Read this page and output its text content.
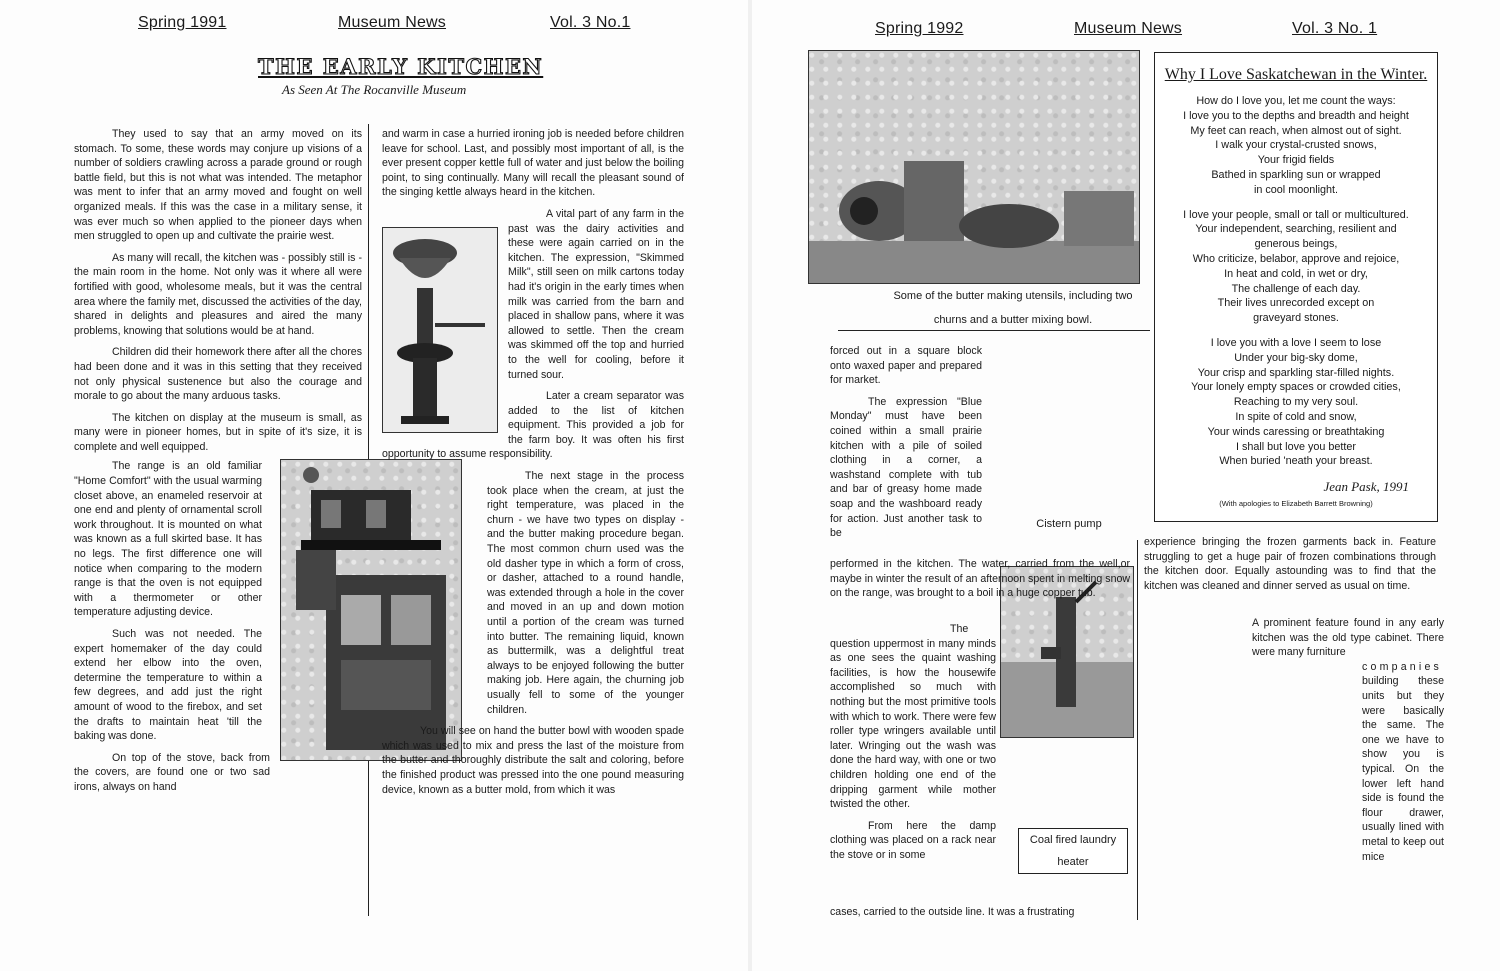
Spring 1991	Museum News	Vol. 3 No.1
THE EARLY KITCHEN
As Seen At The Rocanville Museum

They used to say that an army moved on its stomach. To some, these words may conjure up visions of a number of soldiers crawling across a parade ground or rough battle field, but this is not what was intended. The metaphor was ment to infer that an army moved and fought on well organized meals. If this was the case in a military sense, it was ever much so when applied to the pioneer days when men struggled to open up and cultivate the prairie west.

As many will recall, the kitchen was - possibly still is -the main room in the home. Not only was it where all were fortified with good, wholesome meals, but it was the central area where the family met, discussed the activities of the day, shared in delights and pleasures and aired the many problems, knowing that solutions would be at hand.

Children did their homework there after all the chores had been done and it was in this setting that they received not only physical sustenence but also the courage and morale to go about the many arduous tasks.

The kitchen on display at the museum is small, as many were in pioneer homes, but in spite of it's size, it is complete and well equipped.

The range is an old familiar "Home Comfort" with the usual warming closet above, an enameled reservoir at one end and plenty of ornamental scroll work throughout. It is mounted on what was known as a full skirted base. It has no legs. The first difference one will notice when comparing to the modern range is that the oven is not equipped with a thermometer or other temperature adjusting device.

Such was not needed. The expert homemaker of the day could extend her elbow into the oven, determine the temperature to within a few degrees, and add just the right amount of wood to the firebox, and set the drafts to maintain heat 'till the baking was done.

On top of the stove, back from the covers, are found one or two sad irons, always on hand

and warm in case a hurried ironing job is needed before children leave for school. Last, and possibly most important of all, is the ever present copper kettle full of water and just below the boiling point, to sing continually. Many will recall the pleasant sound of the singing kettle always heard in the kitchen.

A vital part of any farm in the past was the dairy activities and these were again carried on in the kitchen. The expression, "Skimmed Milk", still seen on milk cartons today had it's origin in the early times when milk was carried from the barn and placed in shallow pans, where it was allowed to settle. Then the cream was skimmed off the top and hurried to the well for cooling, before it turned sour.

Later a cream separator was added to the list of kitchen equipment. This provided a job for the farm boy. It was often his first opportunity to assume responsibility.

The next stage in the process took place when the cream, at just the right temperature, was placed in the churn - we have two types on display - and the butter making procedure began. The most common churn used was the old dasher type in which a form of cross, or dasher, attached to a round handle, was extended through a hole in the cover and moved in an up and down motion until a portion of the cream was turned into butter. The remaining liquid, known as buttermilk, was a delightful treat always to be enjoyed following the butter making job. Here again, the churning job usually fell to some of the younger children.

You will see on hand the butter bowl with wooden spade which was used to mix and press the last of the moisture from the butter and thoroughly distribute the salt and coloring, before the finished product was pressed into the one pound measuring device, known as a butter mold, from which it was

Spring 1992	Museum News	Vol. 3 No. 1
Some of the butter making utensils, including two
churns and a butter mixing bowl.
Why I Love Saskatchewan in the Winter.
How do I love you, let me count the ways:
I love you to the depths and breadth and height
My feet can reach, when almost out of sight.
I walk your crystal-crusted snows,
Your frigid fields
Bathed in sparkling sun or wrapped
in cool moonlight.
I love your people, small or tall or multicultured.
Your independent, searching, resilient and
generous beings,
Who criticize, belabor, approve and rejoice,
In heat and cold, in wet or dry,
The challenge of each day.
Their lives unrecorded except on
graveyard stones.
I love you with a love I seem to lose
Under your big-sky dome,
Your crisp and sparkling star-filled nights.
Your lonely empty spaces or crowded cities,
Reaching to my very soul.
In spite of cold and snow,
Your winds caressing or breathtaking
I shall but love you better
When buried 'neath your breast.
Jean Pask, 1991
(With apologies to Elizabeth Barrett Browning)

forced out in a square block onto waxed paper and prepared for market.

The expression "Blue Monday" must have been coined within a small prairie kitchen with a pile of soiled clothing in a corner, a washstand complete with tub and bar of greasy home made soap and the washboard ready for action. Just another task to be

Cistern pump

performed in the kitchen. The water, carried from the well,or maybe in winter the result of an afternoon spent in melting snow on the range, was brought to a boil in a huge copper tub.

The question uppermost in many minds as one sees the quaint washing facilities, is how the housewife accomplished so much with nothing but the most primitive tools with which to work. There were few roller type wringers available until later. Wringing out the wash was done the hard way, with one or two children holding one end of the dripping garment while mother twisted the other.

From here the damp clothing was placed on a rack near the stove or in some

cases, carried to the outside line. It was a frustrating

Coal fired laundry
heater

experience bringing the frozen garments back in. Feature struggling to get a huge pair of frozen combinations through the kitchen door. Equally astounding was to find that the kitchen was cleaned and dinner served as usual on time.

A prominent feature found in any early kitchen was the old type cabinet. There were many furniture

companies

building these units but they were basically the same. The one we have to show you is typical. On the lower left hand side is found the flour drawer, usually lined with metal to keep out mice
